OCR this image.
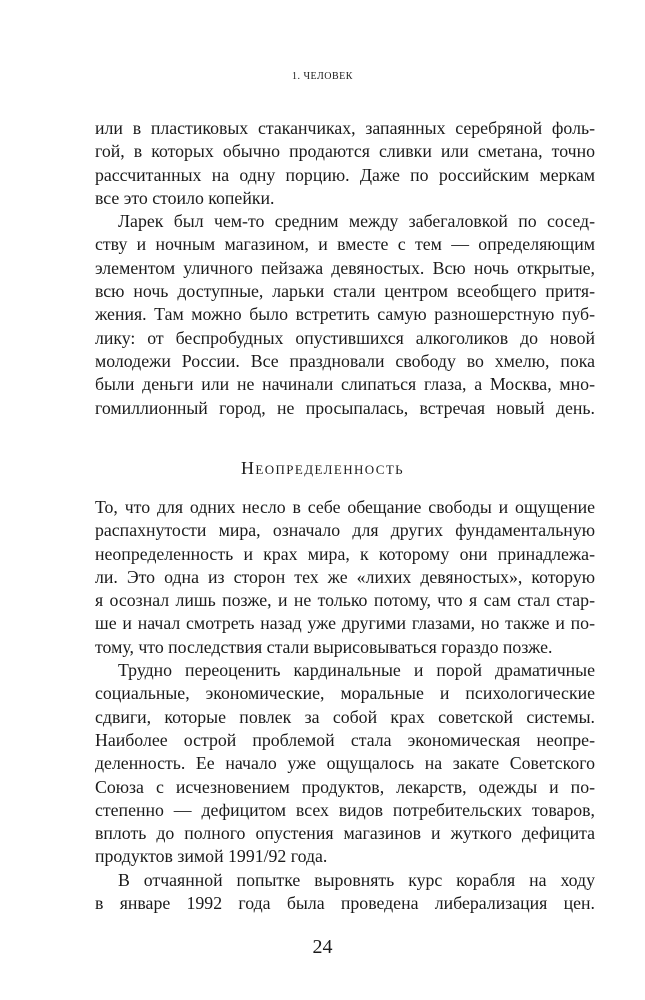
1. ЧЕЛОВЕК
или в пластиковых стаканчиках, запаянных серебряной фоль-
гой, в которых обычно продаются сливки или сметана, точно
рассчитанных на одну порцию. Даже по российским меркам
все это стоило копейки.
Ларек был чем-то средним между забегаловкой по сосед-
ству и ночным магазином, и вместе с тем — определяющим
элементом уличного пейзажа девяностых. Всю ночь открытые,
всю ночь доступные, ларьки стали центром всеобщего притя-
жения. Там можно было встретить самую разношерстную пуб-
лику: от беспробудных опустившихся алкоголиков до новой
молодежи России. Все праздновали свободу во хмелю, пока
были деньги или не начинали слипаться глаза, а Москва, мно-
гомиллионный город, не просыпалась, встречая новый день.
Неопределенность
То, что для одних несло в себе обещание свободы и ощущение
распахнутости мира, означало для других фундаментальную
неопределенность и крах мира, к которому они принадлежа-
ли. Это одна из сторон тех же «лихих девяностых», которую
я осознал лишь позже, и не только потому, что я сам стал стар-
ше и начал смотреть назад уже другими глазами, но также и по-
тому, что последствия стали вырисовываться гораздо позже.
Трудно переоценить кардинальные и порой драматичные
социальные, экономические, моральные и психологические
сдвиги, которые повлек за собой крах советской системы.
Наиболее острой проблемой стала экономическая неопре-
деленность. Ее начало уже ощущалось на закате Советского
Союза с исчезновением продуктов, лекарств, одежды и по-
степенно — дефицитом всех видов потребительских товаров,
вплоть до полного опустения магазинов и жуткого дефицита
продуктов зимой 1991/92 года.
В отчаянной попытке выровнять курс корабля на ходу
в январе 1992 года была проведена либерализация цен.
24
